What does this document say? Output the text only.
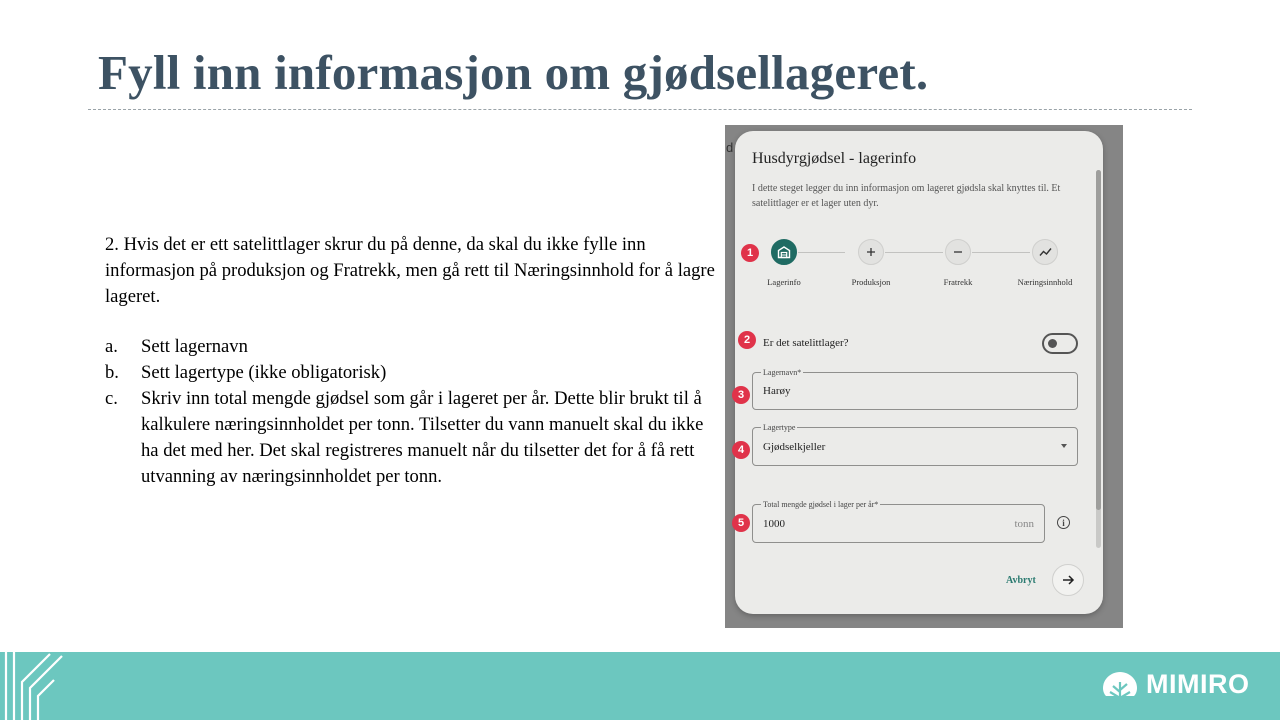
Fyll inn informasjon om gjødsellageret.

2. Hvis det er ett satelittlager skrur du på denne, da skal du ikke fylle inn informasjon på produksjon og Fratrekk, men gå rett til Næringsinnhold for å lagre lageret.

a.	Sett lagernavn
b.	Sett lagertype (ikke obligatorisk)
c.	Skriv inn total mengde gjødsel som går i lageret per år. Dette blir brukt til å kalkulere næringsinnholdet per tonn. Tilsetter du vann manuelt skal du ikke ha det med her. Det skal registreres manuelt når du tilsetter det for å få rett utvanning av næringsinnholdet per tonn.
d
Husdyrgjødsel - lagerinfo
I dette steget legger du inn informasjon om lageret gjødsla skal knyttes til. Et satelittlager er et lager uten dyr.
Lagerinfo	Produksjon	Fratrekk	Næringsinnhold
1
2
3
4
5
Er det satelittlager?
Lagernavn*
Harøy
Lagertype
Gjødselkjeller
Total mengde gjødsel i lager per år*
1000	tonn	i
Avbryt
MIMIRO
